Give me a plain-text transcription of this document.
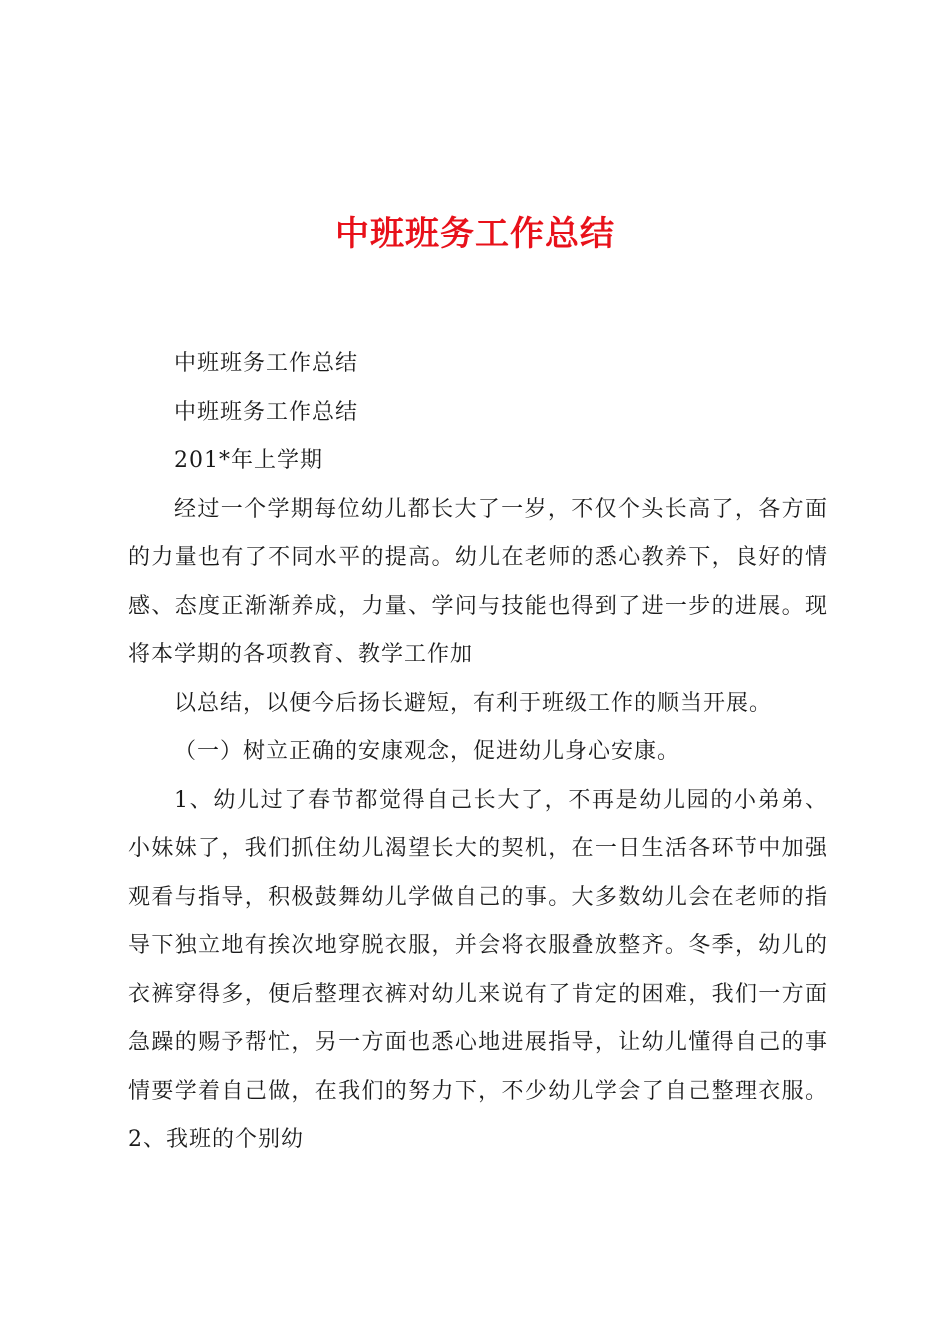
中班班务工作总结

中班班务工作总结

中班班务工作总结

201*年上学期

经过一个学期每位幼儿都长大了一岁，不仅个头长高了，各方面的力量也有了不同水平的提高。幼儿在老师的悉心教养下，良好的情感、态度正渐渐养成，力量、学问与技能也得到了进一步的进展。现将本学期的各项教育、教学工作加

以总结，以便今后扬长避短，有利于班级工作的顺当开展。

（一）树立正确的安康观念，促进幼儿身心安康。

1、幼儿过了春节都觉得自己长大了，不再是幼儿园的小弟弟、小妹妹了，我们抓住幼儿渴望长大的契机，在一日生活各环节中加强观看与指导，积极鼓舞幼儿学做自己的事。大多数幼儿会在老师的指导下独立地有挨次地穿脱衣服，并会将衣服叠放整齐。冬季，幼儿的衣裤穿得多，便后整理衣裤对幼儿来说有了肯定的困难，我们一方面急躁的赐予帮忙，另一方面也悉心地进展指导，让幼儿懂得自己的事情要学着自己做，在我们的努力下，不少幼儿学会了自己整理衣服。2、我班的个别幼
